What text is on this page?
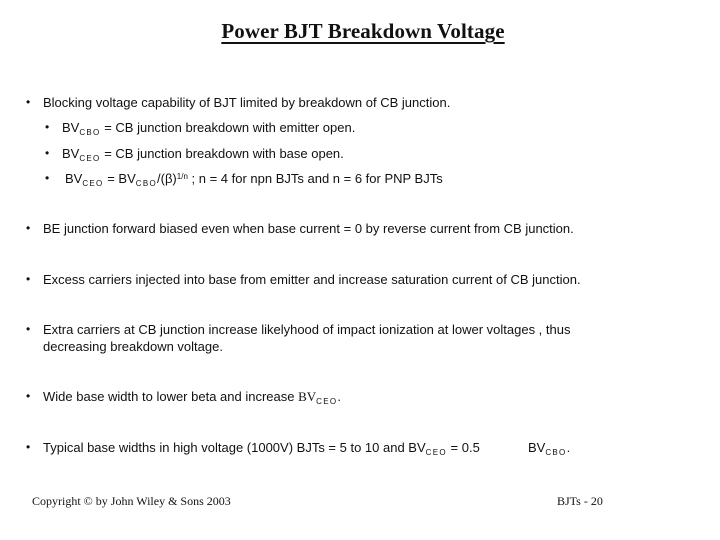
Power BJT Breakdown Voltage
• Blocking voltage capability of BJT limited by breakdown of CB junction.
• $BV_{CBO}$ = CB junction breakdown with emitter open.
• $BV_{CEO}$ = CB junction breakdown with base open.
• $BV_{CEO} = BV_{CBO}/(\beta)^{1/n}$ ; n = 4 for npn BJTs and n = 6 for PNP BJTs
• BE junction forward biased even when base current = 0 by reverse current from CB junction.
• Excess carriers injected into base from emitter and increase saturation current of CB junction.
• Extra carriers at CB junction increase likelyhood of impact ionization at lower voltages , thus
decreasing breakdown voltage.
• Wide base width to lower beta and increase $BV_{CEO}$.
• Typical base widths in high voltage (1000V) BJTs = 5 to 10 and $BV_{CEO} = 0.5$	$BV_{CBO}$.
Copyright © by John Wiley & Sons 2003	BJTs - 20
